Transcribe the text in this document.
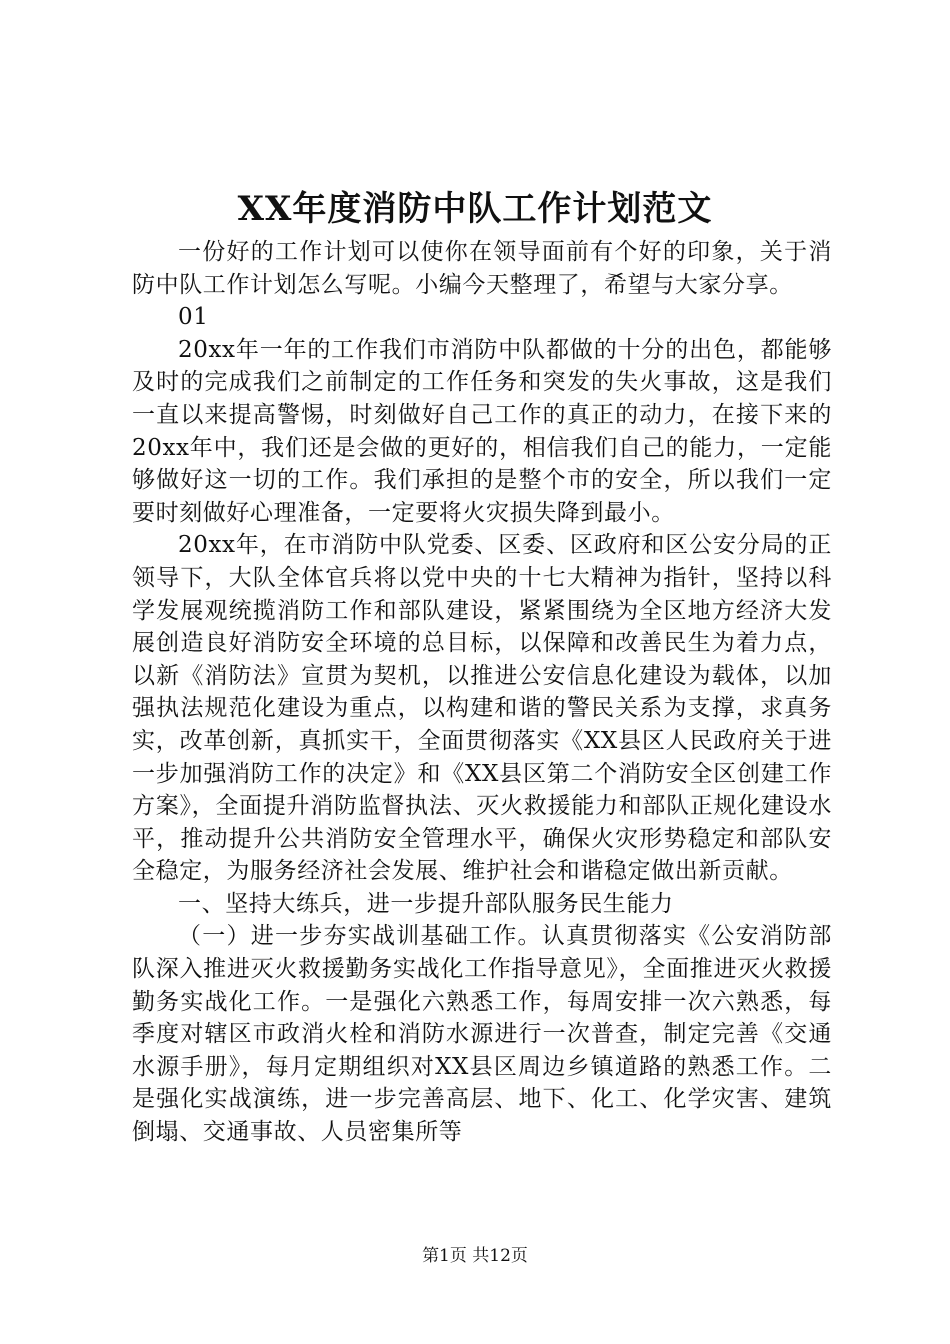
XX年度消防中队工作计划范文

一份好的工作计划可以使你在领导面前有个好的印象，关于消防中队工作计划怎么写呢。小编今天整理了，希望与大家分享。

01

20xx年一年的工作我们市消防中队都做的十分的出色，都能够及时的完成我们之前制定的工作任务和突发的失火事故，这是我们一直以来提高警惕，时刻做好自己工作的真正的动力，在接下来的20xx年中，我们还是会做的更好的，相信我们自己的能力，一定能够做好这一切的工作。我们承担的是整个市的安全，所以我们一定要时刻做好心理准备，一定要将火灾损失降到最小。

20xx年，在市消防中队党委、区委、区政府和区公安分局的正领导下，大队全体官兵将以党中央的十七大精神为指针，坚持以科学发展观统揽消防工作和部队建设，紧紧围绕为全区地方经济大发展创造良好消防安全环境的总目标，以保障和改善民生为着力点，以新《消防法》宣贯为契机，以推进公安信息化建设为载体，以加强执法规范化建设为重点，以构建和谐的警民关系为支撑，求真务实，改革创新，真抓实干，全面贯彻落实《XX县区人民政府关于进一步加强消防工作的决定》和《XX县区第二个消防安全区创建工作方案》，全面提升消防监督执法、灭火救援能力和部队正规化建设水平，推动提升公共消防安全管理水平，确保火灾形势稳定和部队安全稳定，为服务经济社会发展、维护社会和谐稳定做出新贡献。

一、坚持大练兵，进一步提升部队服务民生能力

（一）进一步夯实战训基础工作。认真贯彻落实《公安消防部队深入推进灭火救援勤务实战化工作指导意见》，全面推进灭火救援勤务实战化工作。一是强化六熟悉工作，每周安排一次六熟悉，每季度对辖区市政消火栓和消防水源进行一次普查，制定完善《交通水源手册》，每月定期组织对XX县区周边乡镇道路的熟悉工作。二是强化实战演练，进一步完善高层、地下、化工、化学灾害、建筑倒塌、交通事故、人员密集所等

第1页 共12页
